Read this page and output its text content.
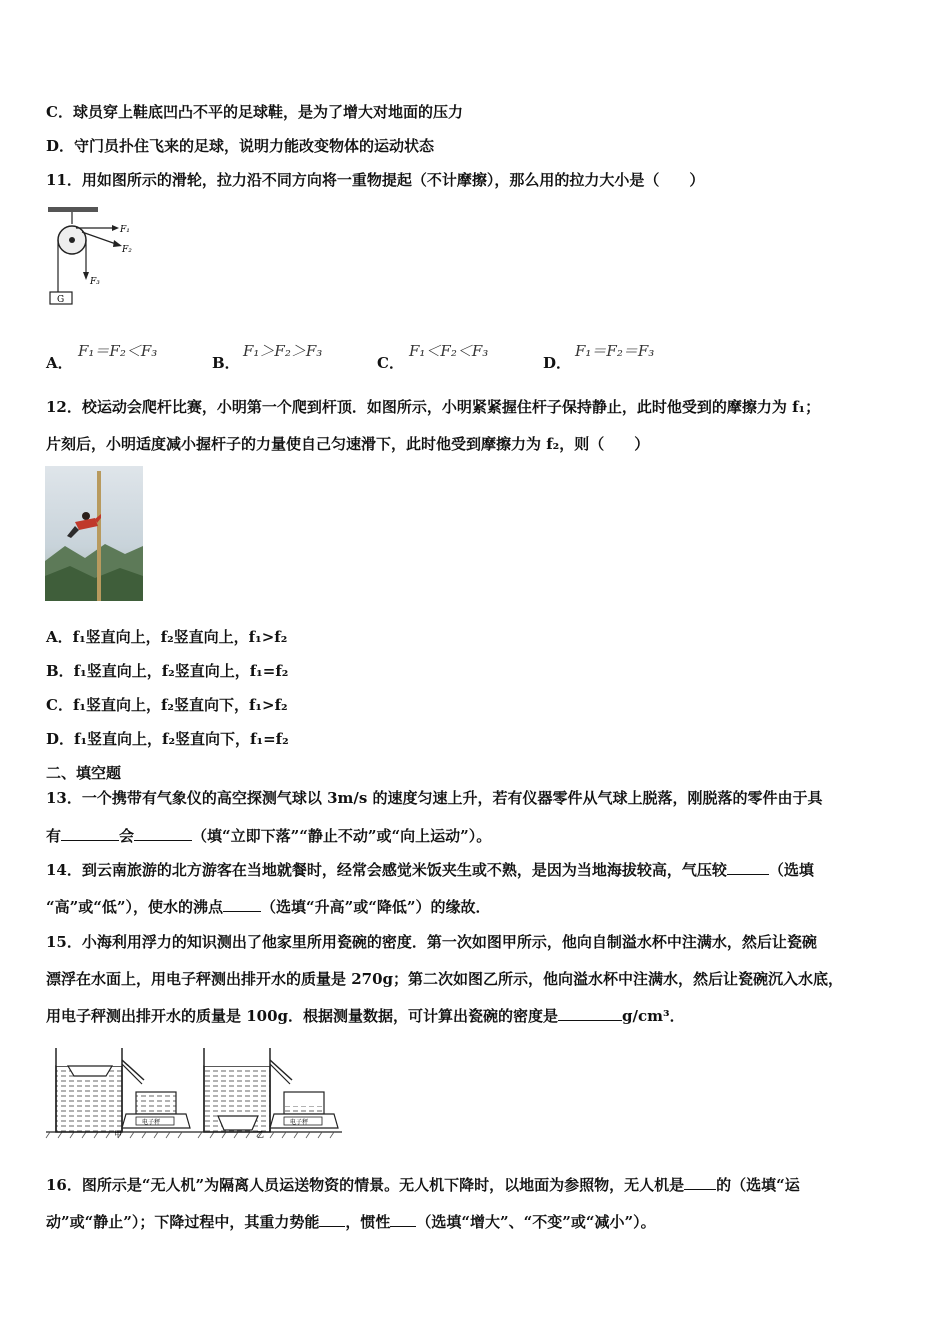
C．球员穿上鞋底凹凸不平的足球鞋，是为了增大对地面的压力
D．守门员扑住飞来的足球，说明力能改变物体的运动状态
11．用如图所示的滑轮，拉力沿不同方向将一重物提起（不计摩擦），那么用的拉力大小是（　　）
G
F₁
F₂
F₃
A．
F₁＝F₂＜F₃
B．
F₁＞F₂＞F₃
C．
F₁＜F₂＜F₃
D．
F₁＝F₂＝F₃
12．校运动会爬杆比赛，小明第一个爬到杆顶．如图所示，小明紧紧握住杆子保持静止，此时他受到的摩擦力为 f₁；
片刻后，小明适度减小握杆子的力量使自己匀速滑下，此时他受到摩擦力为 f₂，则（　　）
A．f₁竖直向上，f₂竖直向上，f₁>f₂
B．f₁竖直向上，f₂竖直向上，f₁=f₂
C．f₁竖直向上，f₂竖直向下，f₁>f₂
D．f₁竖直向上，f₂竖直向下，f₁=f₂
二、填空题
13．一个携带有气象仪的高空探测气球以 3m/s 的速度匀速上升，若有仪器零件从气球上脱落，刚脱落的零件由于具
有	会	（填“立即下落”“静止不动”或“向上运动”）。
14．到云南旅游的北方游客在当地就餐时，经常会感觉米饭夹生或不熟，是因为当地海拔较高，气压较	（选填
“高”或“低”），使水的沸点	（选填“升高”或“降低”）的缘故．
15．小海利用浮力的知识测出了他家里所用瓷碗的密度．第一次如图甲所示，他向自制溢水杯中注满水，然后让瓷碗
漂浮在水面上，用电子秤测出排开水的质量是 270g；第二次如图乙所示，他向溢水杯中注满水，然后让瓷碗沉入水底，
用电子秤测出排开水的质量是 100g．根据测量数据，可计算出瓷碗的密度是	g/cm³．
电子秤
甲
电子秤
乙
16．图所示是“无人机”为隔离人员运送物资的情景。无人机下降时，以地面为参照物，无人机是 的（选填“运
动”或“静止”）；下降过程中，其重力势能 ，惯性 （选填“增大”、“不变”或“减小”）。
